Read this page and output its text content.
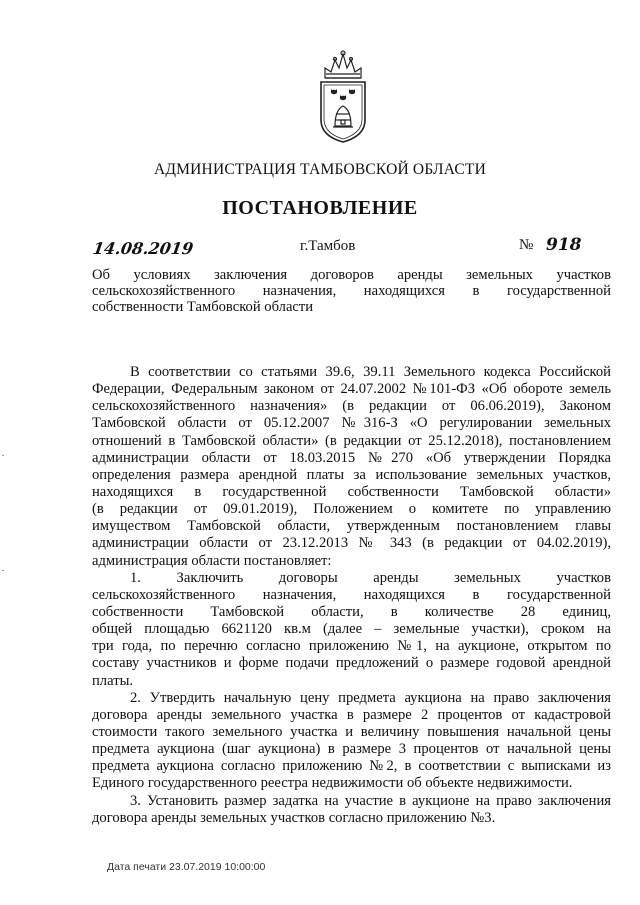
АДМИНИСТРАЦИЯ ТАМБОВСКОЙ ОБЛАСТИ
ПОСТАНОВЛЕНИЕ
14.08.2019	г.Тамбов	№ 918
Об условиях заключения договоров аренды земельных участков
сельскохозяйственного назначения, находящихся в государственной
собственности Тамбовской области
В соответствии со статьями 39.6, 39.11 Земельного кодекса Российской
Федерации, Федеральным законом от 24.07.2002 №101-ФЗ «Об обороте земель
сельскохозяйственного назначения» (в редакции от 06.06.2019), Законом
Тамбовской области от 05.12.2007 №316-З «О регулировании земельных
отношений в Тамбовской области» (в редакции от 25.12.2018), постановлением
администрации области от 18.03.2015 №270 «Об утверждении Порядка
определения размера арендной платы за использование земельных участков,
находящихся в государственной собственности Тамбовской области»
(в редакции от 09.01.2019), Положением о комитете по управлению
имуществом Тамбовской области, утвержденным постановлением главы
администрации области от 23.12.2013 № 343 (в редакции от 04.02.2019),
администрация области постановляет:
1. Заключить договоры аренды земельных участков
сельскохозяйственного назначения, находящихся в государственной
собственности Тамбовской области, в количестве 28 единиц,
общей площадью 6621120 кв.м (далее – земельные участки), сроком на
три года, по перечню согласно приложению №1, на аукционе, открытом по
составу участников и форме подачи предложений о размере годовой арендной
платы.
2. Утвердить начальную цену предмета аукциона на право заключения
договора аренды земельного участка в размере 2 процентов от кадастровой
стоимости такого земельного участка и величину повышения начальной цены
предмета аукциона (шаг аукциона) в размере 3 процентов от начальной цены
предмета аукциона согласно приложению №2, в соответствии с выписками из
Единого государственного реестра недвижимости об объекте недвижимости.
3. Установить размер задатка на участие в аукционе на право заключения
договора аренды земельных участков согласно приложению №3.
Дата печати 23.07.2019 10:00:00
